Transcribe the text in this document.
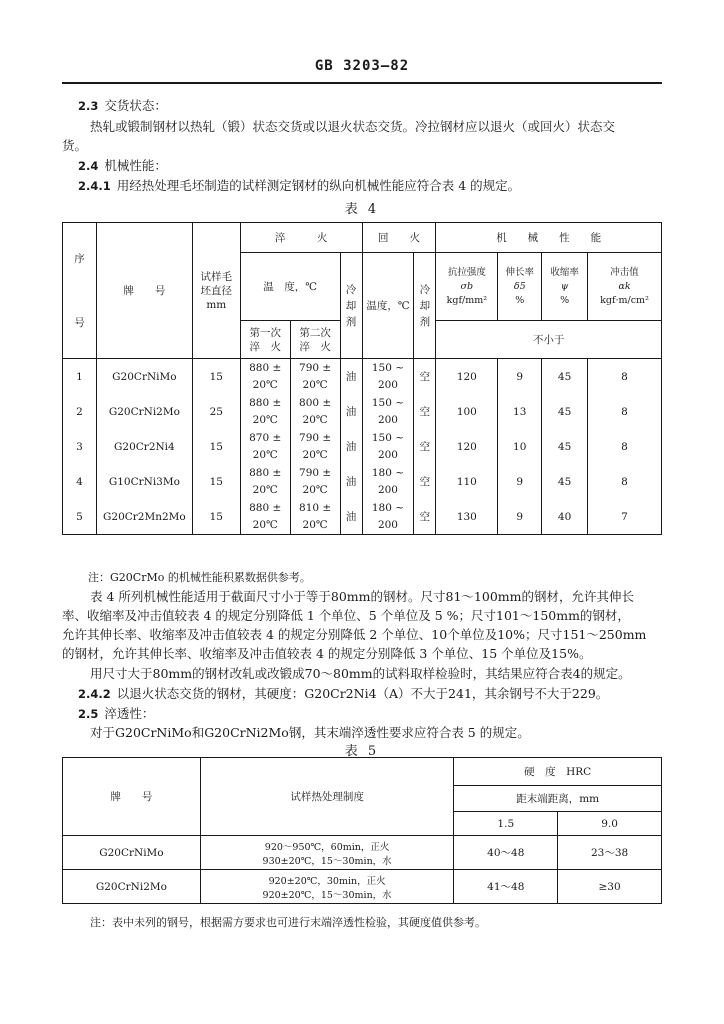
GB 3203—82
2.3 交货状态：
热轧或锻制钢材以热轧（锻）状态交货或以退火状态交货。冷拉钢材应以退火（或回火）状态交
货。
2.4 机械性能：
2.4.1 用经热处理毛坯制造的试样测定钢材的纵向机械性能应符合表 4 的规定。
表 4
序

号	牌　　号	试样毛
坯直径
mm	淬　　　火			回　　火		机　　械　　性　　能			
			温　度，℃		冷
却
剂	温度，℃	冷
却
剂	抗拉强度
σb
kgf/mm²	伸长率
δ5
%	收缩率
ψ
%	冲击值
αk
kgf·m/cm²
			第一次
淬　火	第二次
淬　火				不小于			
1	G20CrNiMo	15	880 ±
20℃	790 ±
20℃	油	150 ~
200	空	120	9	45	8
2	G20CrNi2Mo	25	880 ±
20℃	800 ±
20℃	油	150 ~
200	空	100	13	45	8
3	G20Cr2Ni4	15	870 ±
20℃	790 ±
20℃	油	150 ~
200	空	120	10	45	8
4	G10CrNi3Mo	15	880 ±
20℃	790 ±
20℃	油	180 ~
200	空	110	9	45	8
5	G20Cr2Mn2Mo	15	880 ±
20℃	810 ±
20℃	油	180 ~
200	空	130	9	40	7
注：G20CrMo 的机械性能积累数据供参考。
表 4 所列机械性能适用于截面尺寸小于等于80mm的钢材。尺寸81～100mm的钢材，允许其伸长
率、收缩率及冲击值较表 4 的规定分别降低 1 个单位、5 个单位及 5 %；尺寸101～150mm的钢材，
允许其伸长率、收缩率及冲击值较表 4 的规定分别降低 2 个单位、10个单位及10%；尺寸151～250mm
的钢材，允许其伸长率、收缩率及冲击值较表 4 的规定分别降低 3 个单位、15 个单位及15%。
用尺寸大于80mm的钢材改轧或改锻成70～80mm的试料取样检验时，其结果应符合表4的规定。
2.4.2 以退火状态交货的钢材，其硬度：G20Cr2Ni4（A）不大于241，其余钢号不大于229。
2.5 淬透性：
对于G20CrNiMo和G20CrNi2Mo钢，其末端淬透性要求应符合表 5 的规定。
表 5
牌　　号	试样热处理制度	硬　度　HRC	
		距末端距离，mm	
		1.5	9.0
G20CrNiMo	920～950℃，60min，正火
930±20℃，15～30min，水	40～48	23～38
G20CrNi2Mo	920±20℃，30min，正火
920±20℃，15～30min，水	41～48	≥30
注：表中未列的钢号，根据需方要求也可进行末端淬透性检验，其硬度值供参考。
